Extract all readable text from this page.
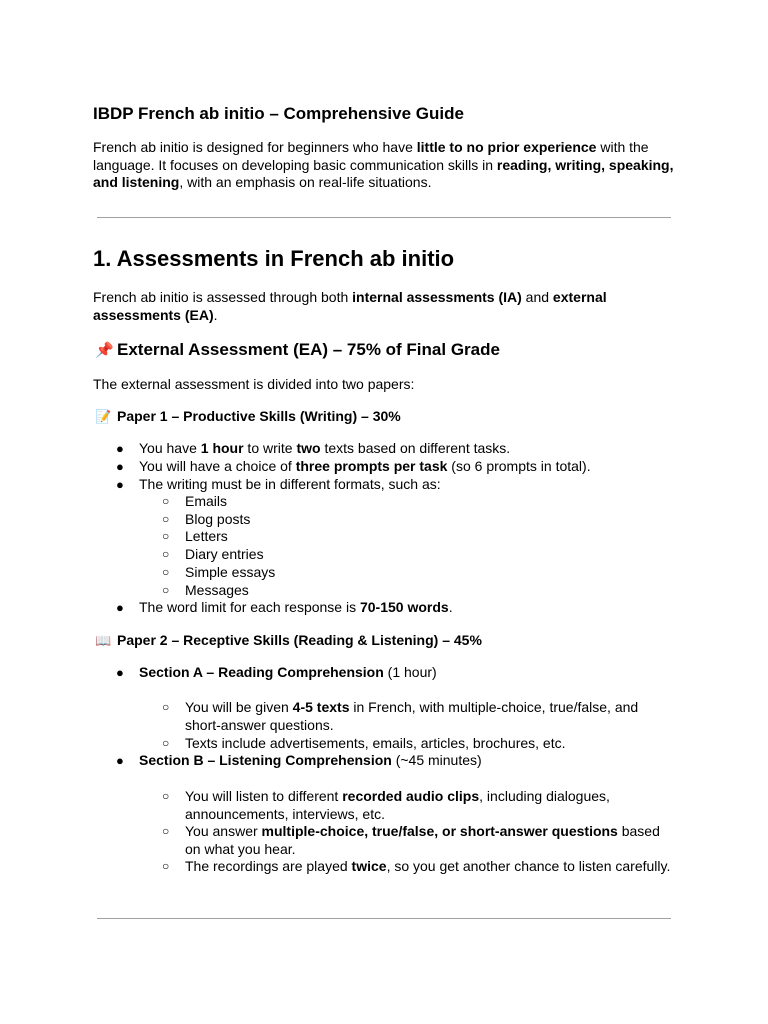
IBDP French ab initio – Comprehensive Guide

French ab initio is designed for beginners who have little to no prior experience with the language. It focuses on developing basic communication skills in reading, writing, speaking, and listening, with an emphasis on real-life situations.

1. Assessments in French ab initio

French ab initio is assessed through both internal assessments (IA) and external assessments (EA).

📌 External Assessment (EA) – 75% of Final Grade

The external assessment is divided into two papers:

📝 Paper 1 – Productive Skills (Writing) – 30%
● You have 1 hour to write two texts based on different tasks.
● You will have a choice of three prompts per task (so 6 prompts in total).
● The writing must be in different formats, such as:
○ Emails
○ Blog posts
○ Letters
○ Diary entries
○ Simple essays
○ Messages
● The word limit for each response is 70-150 words.
📖 Paper 2 – Receptive Skills (Reading & Listening) – 45%
● Section A – Reading Comprehension (1 hour)
○ You will be given 4-5 texts in French, with multiple-choice, true/false, and short-answer questions.
○ Texts include advertisements, emails, articles, brochures, etc.
● Section B – Listening Comprehension (~45 minutes)
○ You will listen to different recorded audio clips, including dialogues, announcements, interviews, etc.
○ You answer multiple-choice, true/false, or short-answer questions based on what you hear.
○ The recordings are played twice, so you get another chance to listen carefully.
